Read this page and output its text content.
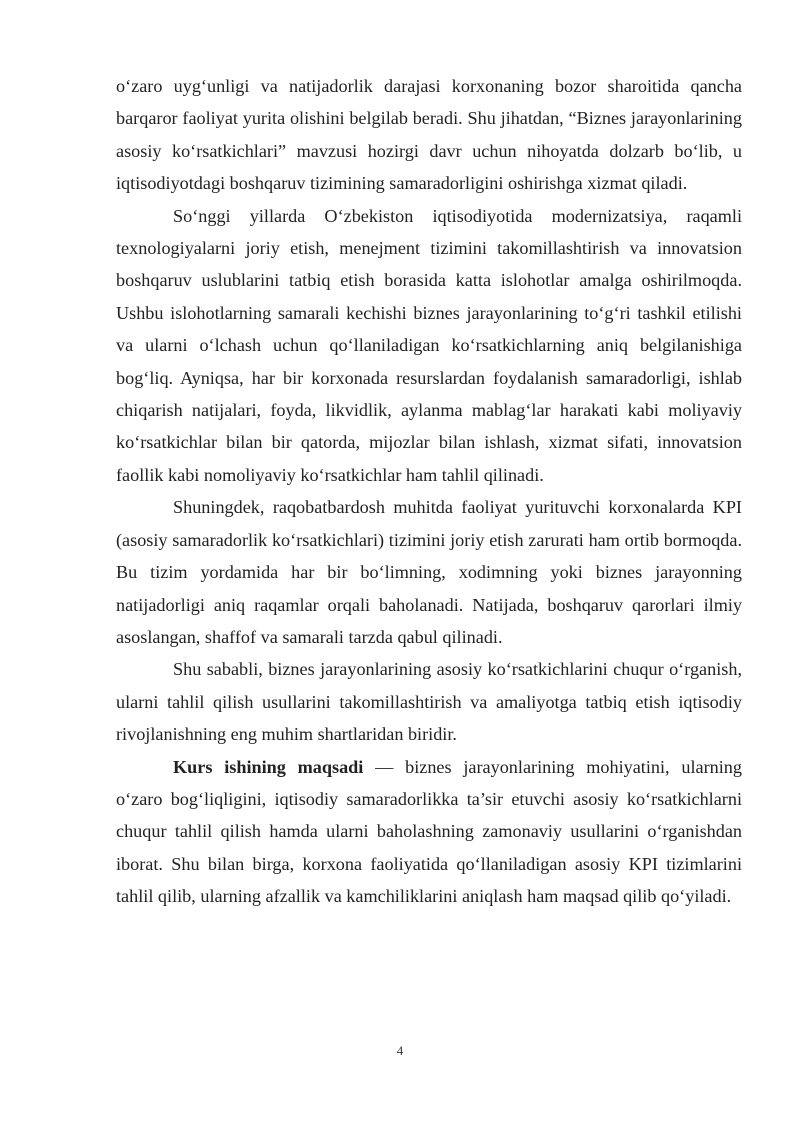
o‘zaro uyg‘unligi va natijadorlik darajasi korxonaning bozor sharoitida qancha barqaror faoliyat yurita olishini belgilab beradi. Shu jihatdan, “Biznes jarayonlarining asosiy ko‘rsatkichlari” mavzusi hozirgi davr uchun nihoyatda dolzarb bo‘lib, u iqtisodiyotdagi boshqaruv tizimining samaradorligini oshirishga xizmat qiladi.

So‘nggi yillarda O‘zbekiston iqtisodiyotida modernizatsiya, raqamli texnologiyalarni joriy etish, menejment tizimini takomillashtirish va innovatsion boshqaruv uslublarini tatbiq etish borasida katta islohotlar amalga oshirilmoqda. Ushbu islohotlarning samarali kechishi biznes jarayonlarining to‘g‘ri tashkil etilishi va ularni o‘lchash uchun qo‘llaniladigan ko‘rsatkichlarning aniq belgilanishiga bog‘liq. Ayniqsa, har bir korxonada resurslardan foydalanish samaradorligi, ishlab chiqarish natijalari, foyda, likvidlik, aylanma mablag‘lar harakati kabi moliyaviy ko‘rsatkichlar bilan bir qatorda, mijozlar bilan ishlash, xizmat sifati, innovatsion faollik kabi nomoliyaviy ko‘rsatkichlar ham tahlil qilinadi.

Shuningdek, raqobatbardosh muhitda faoliyat yurituvchi korxonalarda KPI (asosiy samaradorlik ko‘rsatkichlari) tizimini joriy etish zarurati ham ortib bormoqda. Bu tizim yordamida har bir bo‘limning, xodimning yoki biznes jarayonning natijadorligi aniq raqamlar orqali baholanadi. Natijada, boshqaruv qarorlari ilmiy asoslangan, shaffof va samarali tarzda qabul qilinadi.

Shu sababli, biznes jarayonlarining asosiy ko‘rsatkichlarini chuqur o‘rganish, ularni tahlil qilish usullarini takomillashtirish va amaliyotga tatbiq etish iqtisodiy rivojlanishning eng muhim shartlaridan biridir.

Kurs ishining maqsadi — biznes jarayonlarining mohiyatini, ularning o‘zaro bog‘liqligini, iqtisodiy samaradorlikka ta’sir etuvchi asosiy ko‘rsatkichlarni chuqur tahlil qilish hamda ularni baholashning zamonaviy usullarini o‘rganishdan iborat. Shu bilan birga, korxona faoliyatida qo‘llaniladigan asosiy KPI tizimlarini tahlil qilib, ularning afzallik va kamchiliklarini aniqlash ham maqsad qilib qo‘yiladi.

4
